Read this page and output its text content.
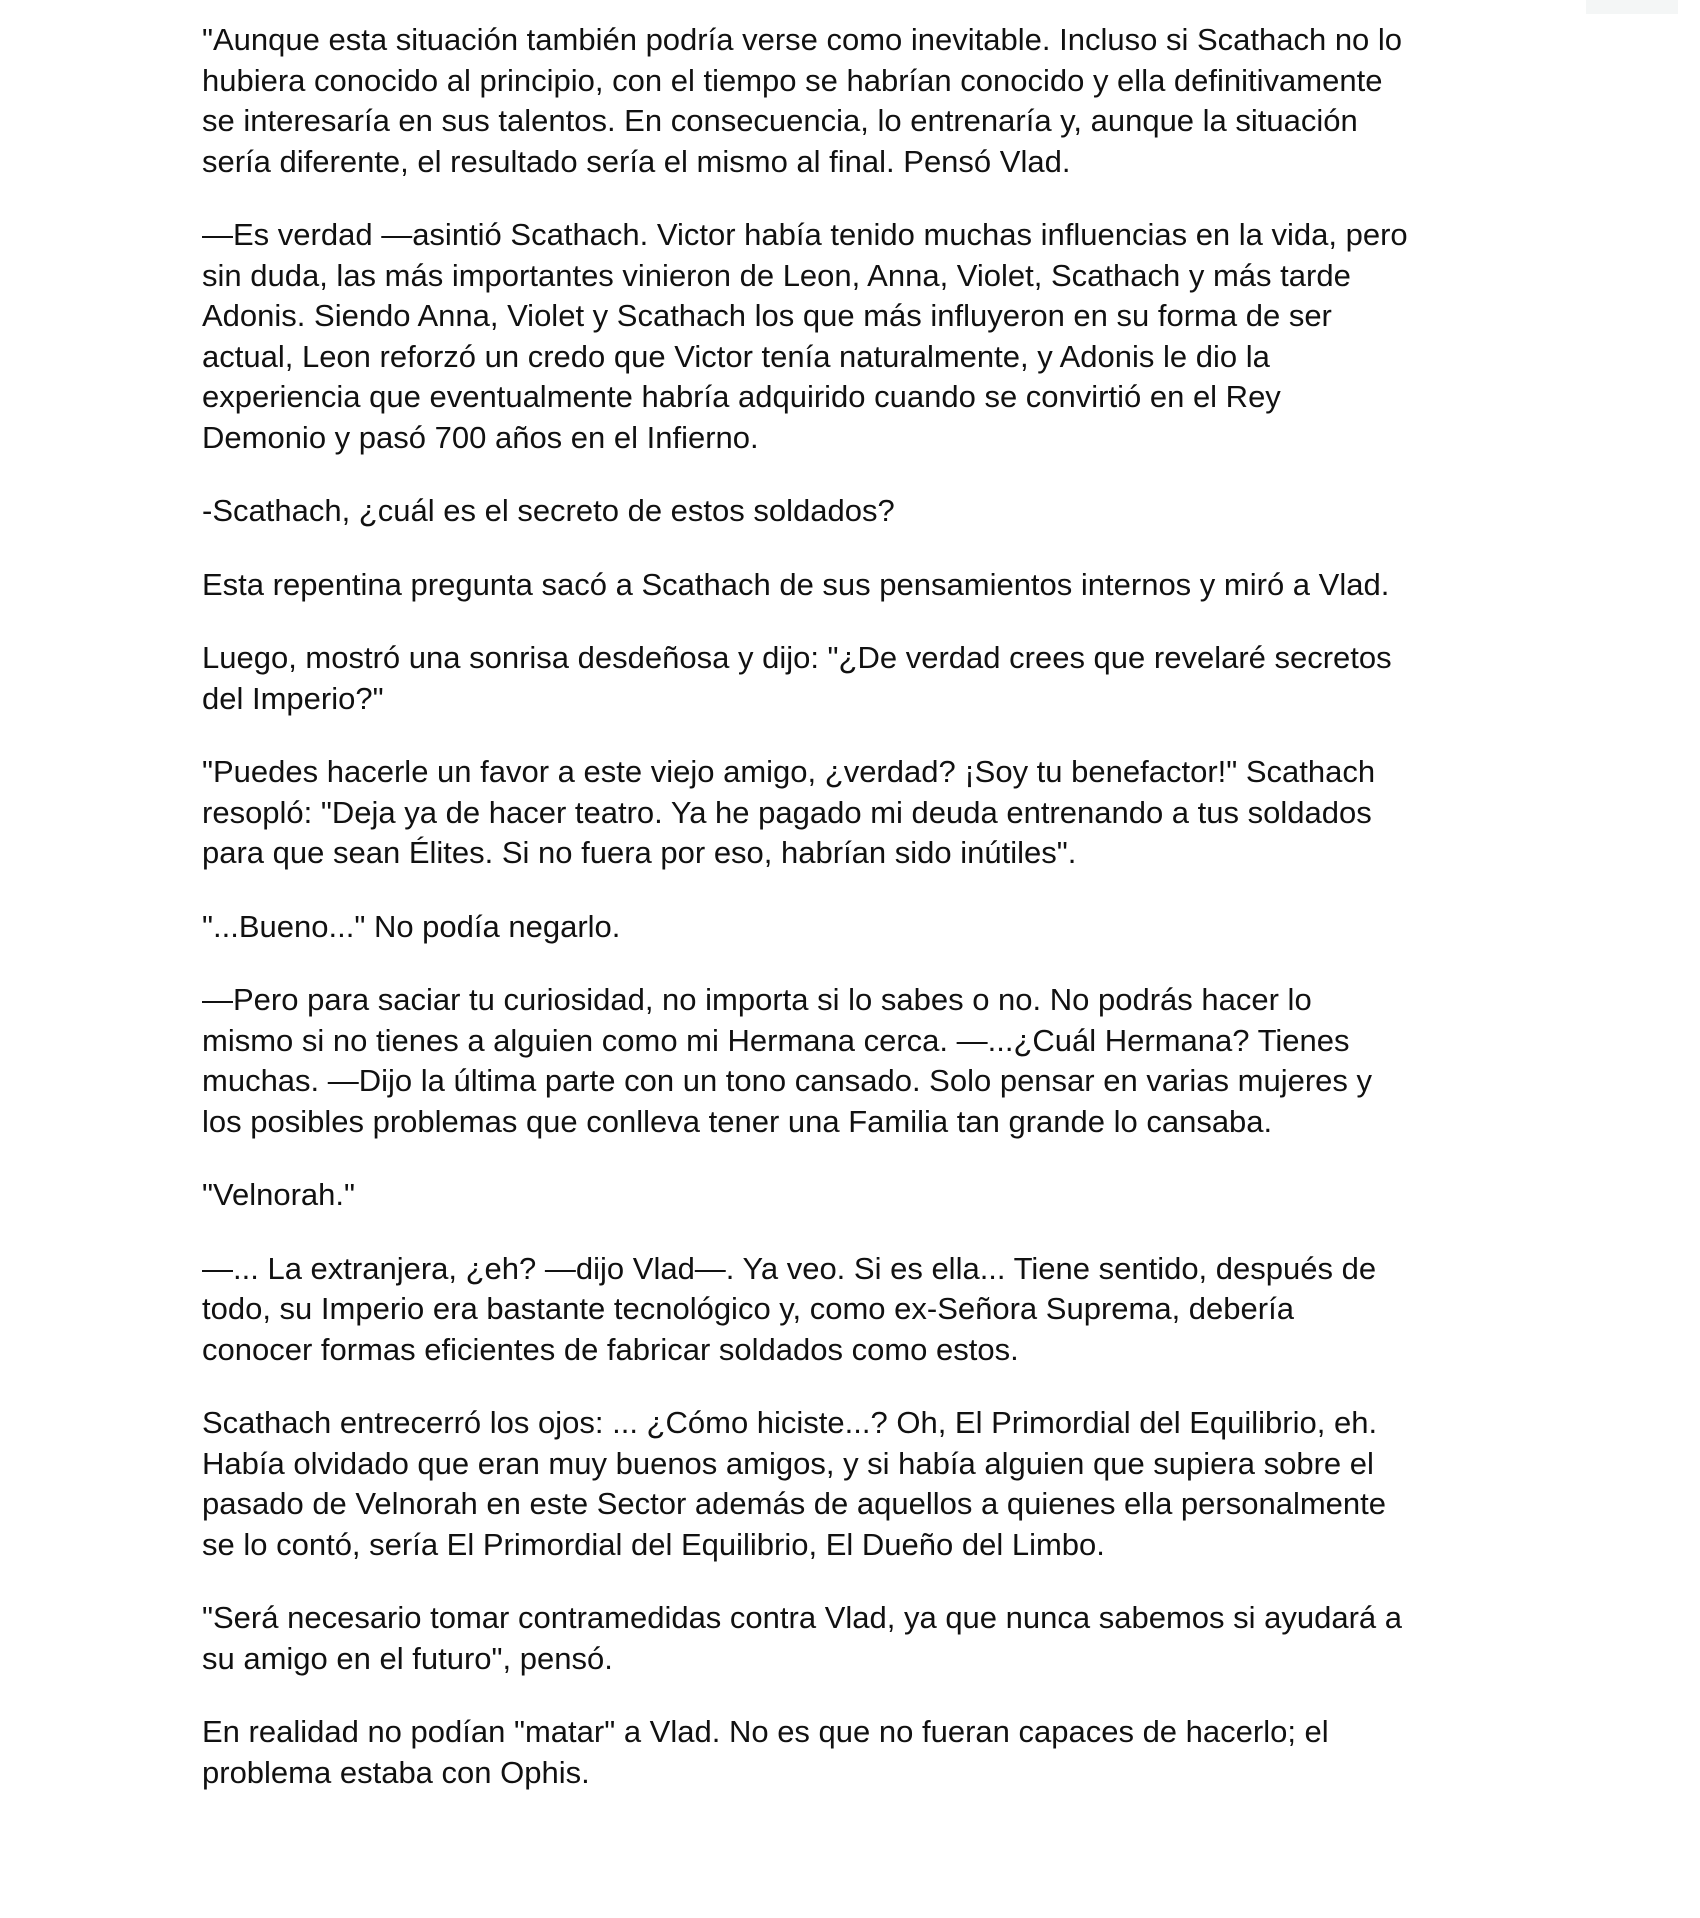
"Aunque esta situación también podría verse como inevitable. Incluso si Scathach no lo
hubiera conocido al principio, con el tiempo se habrían conocido y ella definitivamente
se interesaría en sus talentos. En consecuencia, lo entrenaría y, aunque la situación
sería diferente, el resultado sería el mismo al final. Pensó Vlad.

—Es verdad —asintió Scathach. Victor había tenido muchas influencias en la vida, pero
sin duda, las más importantes vinieron de Leon, Anna, Violet, Scathach y más tarde
Adonis. Siendo Anna, Violet y Scathach los que más influyeron en su forma de ser
actual, Leon reforzó un credo que Victor tenía naturalmente, y Adonis le dio la
experiencia que eventualmente habría adquirido cuando se convirtió en el Rey
Demonio y pasó 700 años en el Infierno.

-Scathach, ¿cuál es el secreto de estos soldados?

Esta repentina pregunta sacó a Scathach de sus pensamientos internos y miró a Vlad.

Luego, mostró una sonrisa desdeñosa y dijo: "¿De verdad crees que revelaré secretos
del Imperio?"

"Puedes hacerle un favor a este viejo amigo, ¿verdad? ¡Soy tu benefactor!" Scathach
resopló: "Deja ya de hacer teatro. Ya he pagado mi deuda entrenando a tus soldados
para que sean Élites. Si no fuera por eso, habrían sido inútiles".

"...Bueno..." No podía negarlo.

—Pero para saciar tu curiosidad, no importa si lo sabes o no. No podrás hacer lo
mismo si no tienes a alguien como mi Hermana cerca. —...¿Cuál Hermana? Tienes
muchas. —Dijo la última parte con un tono cansado. Solo pensar en varias mujeres y
los posibles problemas que conlleva tener una Familia tan grande lo cansaba.

"Velnorah."

—... La extranjera, ¿eh? —dijo Vlad—. Ya veo. Si es ella... Tiene sentido, después de
todo, su Imperio era bastante tecnológico y, como ex-Señora Suprema, debería
conocer formas eficientes de fabricar soldados como estos.

Scathach entrecerró los ojos: ... ¿Cómo hiciste...? Oh, El Primordial del Equilibrio, eh.
Había olvidado que eran muy buenos amigos, y si había alguien que supiera sobre el
pasado de Velnorah en este Sector además de aquellos a quienes ella personalmente
se lo contó, sería El Primordial del Equilibrio, El Dueño del Limbo.

"Será necesario tomar contramedidas contra Vlad, ya que nunca sabemos si ayudará a
su amigo en el futuro", pensó.

En realidad no podían "matar" a Vlad. No es que no fueran capaces de hacerlo; el
problema estaba con Ophis.
